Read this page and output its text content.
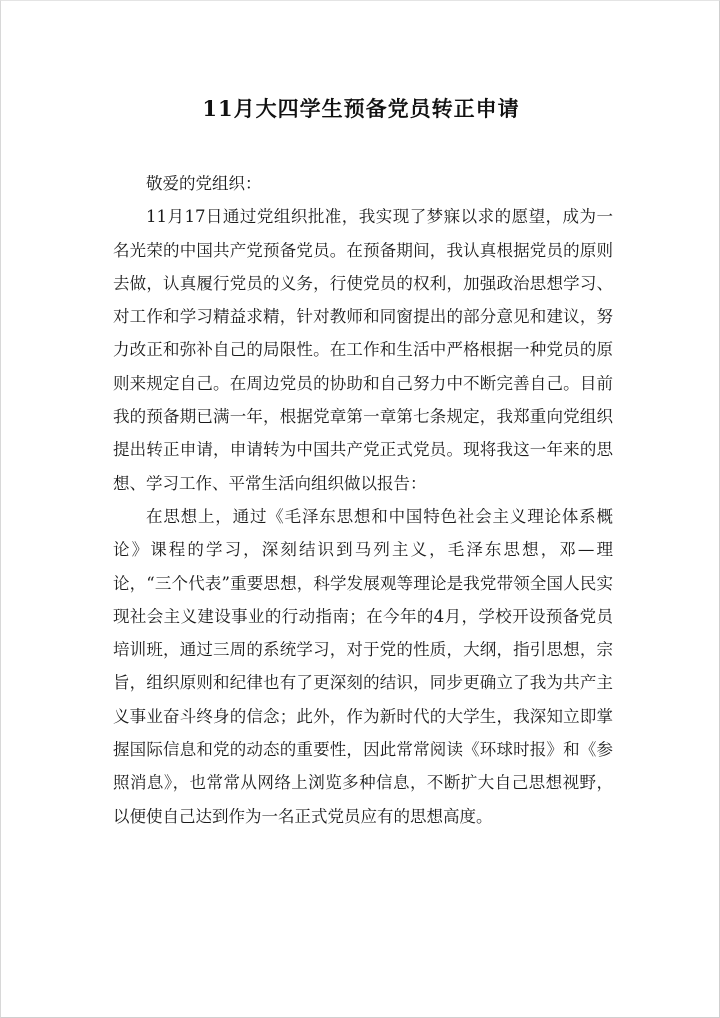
11月大四学生预备党员转正申请

敬爱的党组织：

11月17日通过党组织批准，我实现了梦寐以求的愿望，成为一名光荣的中国共产党预备党员。在预备期间，我认真根据党员的原则去做，认真履行党员的义务，行使党员的权利，加强政治思想学习、对工作和学习精益求精，针对教师和同窗提出的部分意见和建议，努力改正和弥补自己的局限性。在工作和生活中严格根据一种党员的原则来规定自己。在周边党员的协助和自己努力中不断完善自己。目前我的预备期已满一年，根据党章第一章第七条规定，我郑重向党组织提出转正申请，申请转为中国共产党正式党员。现将我这一年来的思想、学习工作、平常生活向组织做以报告：

在思想上，通过《毛泽东思想和中国特色社会主义理论体系概论》课程的学习，深刻结识到马列主义，毛泽东思想，邓—理论，“三个代表”重要思想，科学发展观等理论是我党带领全国人民实现社会主义建设事业的行动指南；在今年的4月，学校开设预备党员培训班，通过三周的系统学习，对于党的性质，大纲，指引思想，宗旨，组织原则和纪律也有了更深刻的结识，同步更确立了我为共产主义事业奋斗终身的信念；此外，作为新时代的大学生，我深知立即掌握国际信息和党的动态的重要性，因此常常阅读《环球时报》和《参照消息》，也常常从网络上浏览多种信息，不断扩大自己思想视野，以便使自己达到作为一名正式党员应有的思想高度。
